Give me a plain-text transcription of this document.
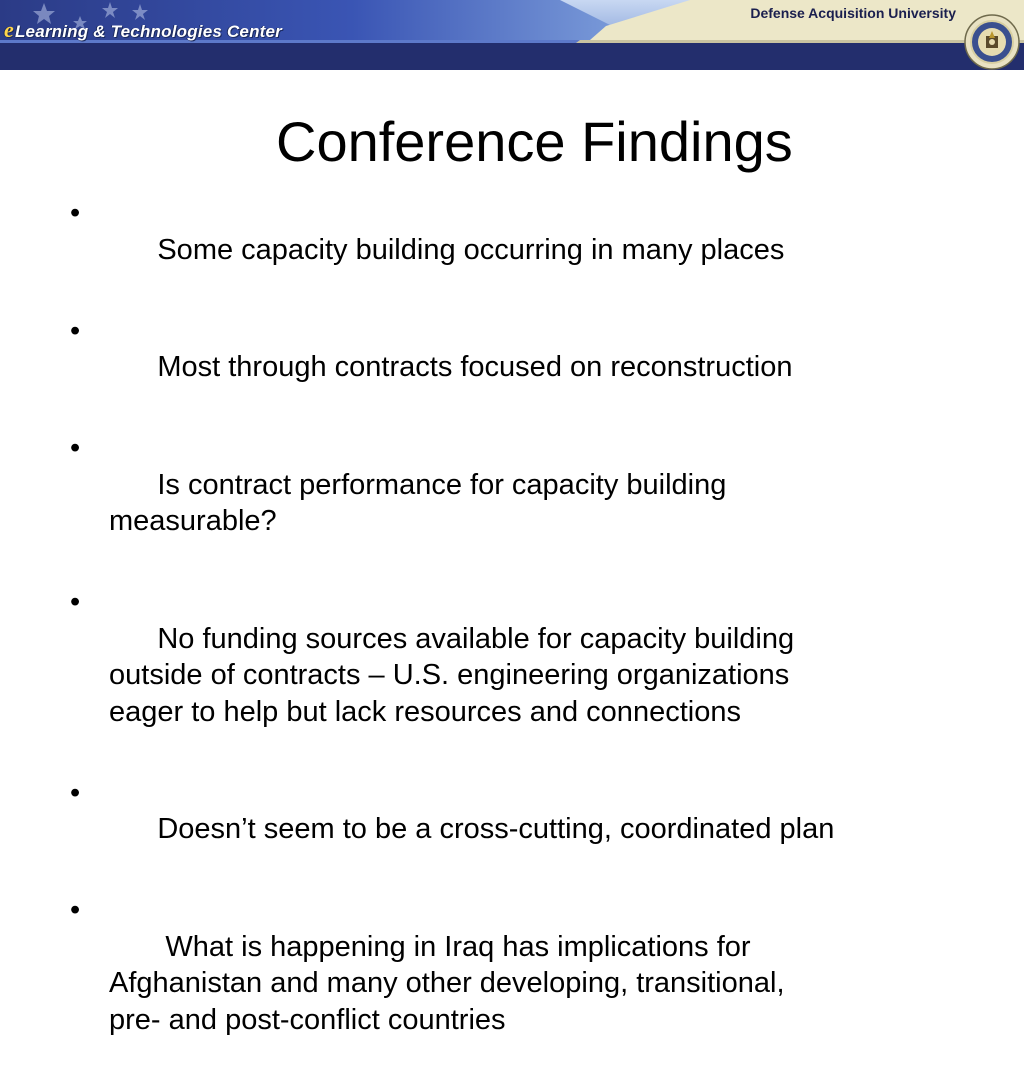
eLearning & Technologies Center
Defense Acquisition University
Conference Findings

•
Some capacity building occurring in many places

•
Most through contracts focused on reconstruction

•
Is contract performance for capacity building
measurable?

•
No funding sources available for capacity building
outside of contracts – U.S. engineering organizations
eager to help but lack resources and connections

•
Doesn’t seem to be a cross-cutting, coordinated plan

•
What is happening in Iraq has implications for
Afghanistan and many other developing, transitional,
pre- and post-conflict countries
